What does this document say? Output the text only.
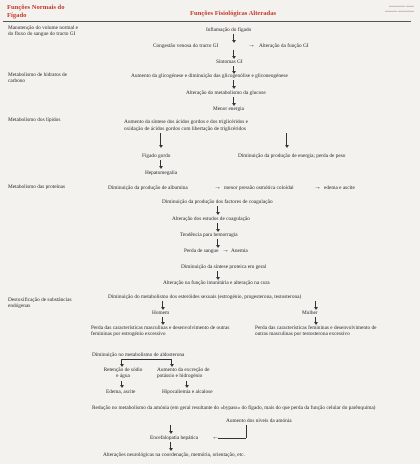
▬▬▬▬ ▬▬
▬▬▬ ▬▬▬▬
Funções Normais do Fígado	Funções Fisiológicas Alteradas
Manutenção do volume normal e do fluxo do sangue do tracto GI
Metabolismo de hidratos de carbono
Metabolismo dos lípidos
Metabolismo das proteínas
Destoxificação de substâncias endógenas
Inflamação do fígado
Congestão venosa do tracto GI	Alteração da função GI
→
Sintomas GI
Aumento da glicogénese e diminuição das glicogenólise e gliconeogénese
Alteração do metabolismo da glucose
Menor energia
Aumento da síntese dos ácidos gordos e dos triglicéridos e
oxidação de ácidos gordos com libertação de triglicéridos
Fígado gordo	Diminuição da produção de energia; perda de peso
Hepatomegalia
Diminuição da produção de albumina	→ menor pressão osmótica coloidal	→ edema e ascite
Diminuição da produção dos factores de coagulação
Alteração dos estudos de coagulação
Tendência para hemorragia
Perda de sangue → Anemia
Diminuição da síntese proteica em geral
Alteração na função imunitária e alteração na cura
Diminuição do metabolismo dos esteróides sexuais (estrogénio, progesterona, testosterona)
Homem	Mulher
Perda das características masculinas e desenvolvimento de outras femininas por estrogénio excessivo
Perda das características femininas e desenvolvimento de outras masculinas por testosterona excessivo
Diminuição no metabolismo de aldosterona
Retenção de sódio e água
Aumento da excreção de potássio e hidrogénio
Edema, ascite	Hipocaliemia e alcalose
Redução no metabolismo da amónia (em geral resultante do «bypass» do fígado, mais do que perda da função celular do parênquima)
Aumento dos níveis da amónia
←
Encefalopatia hepática
Alterações neurológicas na coordenação, memória, orientação, etc.
